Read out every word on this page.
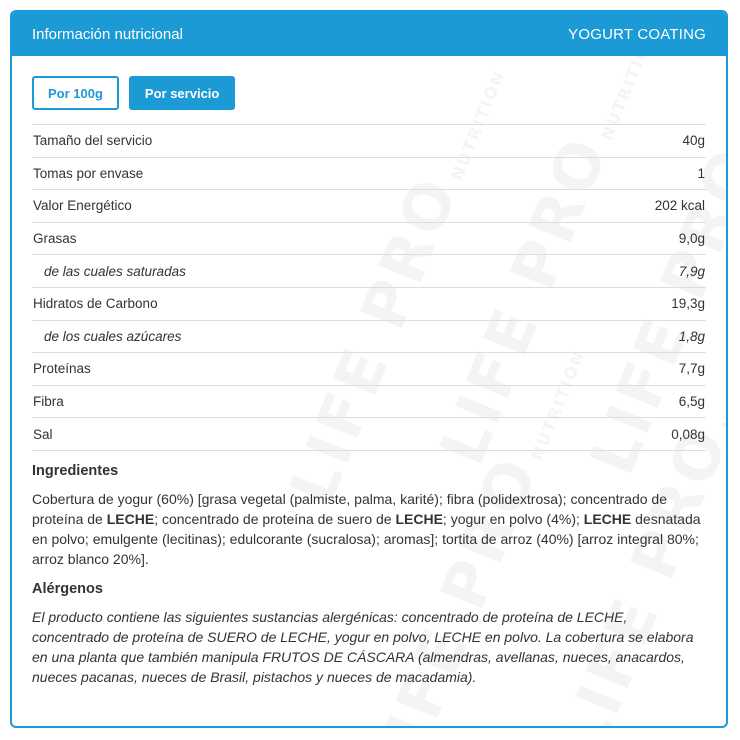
Información nutricional	YOGURT COATING
Por 100g	Por servicio
Tamaño del servicio	40g
Tomas por envase	1
Valor Energético	202 kcal
Grasas	9,0g
de las cuales saturadas	7,9g
Hidratos de Carbono	19,3g
de los cuales azúcares	1,8g
Proteínas	7,7g
Fibra	6,5g
Sal	0,08g
Ingredientes
Cobertura de yogur (60%) [grasa vegetal (palmiste, palma, karité); fibra (polidextrosa); concentrado de proteína de LECHE; concentrado de proteína de suero de LECHE; yogur en polvo (4%); LECHE desnatada en polvo; emulgente (lecitinas); edulcorante (sucralosa); aromas]; tortita de arroz (40%) [arroz integral 80%; arroz blanco 20%].
Alérgenos
El producto contiene las siguientes sustancias alergénicas: concentrado de proteína de LECHE, concentrado de proteína de SUERO de LECHE, yogur en polvo, LECHE en polvo. La cobertura se elabora en una planta que también manipula FRUTOS DE CÁSCARA (almendras, avellanas, nueces, anacardos, nueces pacanas, nueces de Brasil, pistachos y nueces de macadamia).
